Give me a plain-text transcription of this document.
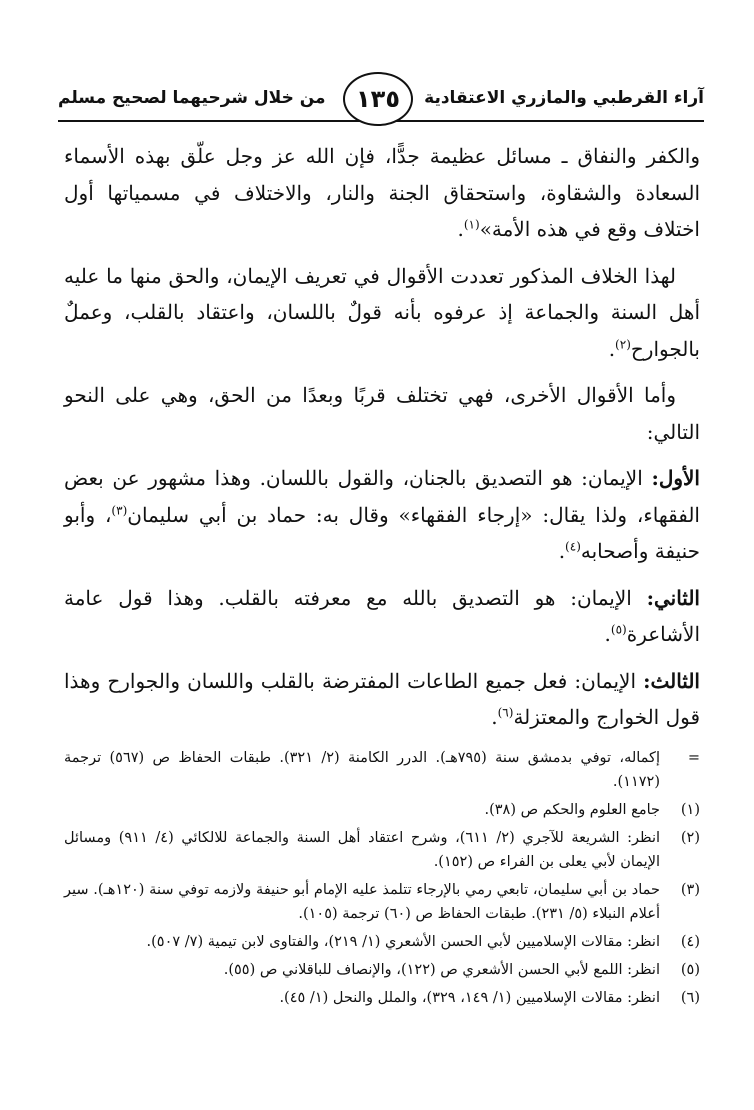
آراء القرطبي والمازري الاعتقادية
١٣٥
من خلال شرحيهما لصحيح مسلم

والكفر والنفاق ـ مسائل عظيمة جدًّا، فإن الله عز وجل علّق بهذه الأسماء السعادة والشقاوة، واستحقاق الجنة والنار، والاختلاف في مسمياتها أول اختلاف وقع في هذه الأمة»$^{(١)}$.

لهذا الخلاف المذكور تعددت الأقوال في تعريف الإيمان، والحق منها ما عليه أهل السنة والجماعة إذ عرفوه بأنه قولٌ باللسان، واعتقاد بالقلب، وعملٌ بالجوارح$^{(٢)}$.

وأما الأقوال الأخرى، فهي تختلف قربًا وبعدًا من الحق، وهي على النحو التالي:

الأول: الإيمان: هو التصديق بالجنان، والقول باللسان. وهذا مشهور عن بعض الفقهاء، ولذا يقال: «إرجاء الفقهاء» وقال به: حماد بن أبي سليمان$^{(٣)}$، وأبو حنيفة وأصحابه$^{(٤)}$.

الثاني: الإيمان: هو التصديق بالله مع معرفته بالقلب. وهذا قول عامة الأشاعرة$^{(٥)}$.

الثالث: الإيمان: فعل جميع الطاعات المفترضة بالقلب واللسان والجوارح وهذا قول الخوارج والمعتزلة$^{(٦)}$.

=
إكماله، توفي بدمشق سنة (٧٩٥هـ). الدرر الكامنة (٢/ ٣٢١). طبقات الحفاظ ص (٥٦٧) ترجمة (١١٧٢).
(١)
جامع العلوم والحكم ص (٣٨).
(٢)
انظر: الشريعة للآجري (٢/ ٦١١)، وشرح اعتقاد أهل السنة والجماعة للالكائي (٤/ ٩١١) ومسائل الإيمان لأبي يعلى بن الفراء ص (١٥٢).
(٣)
حماد بن أبي سليمان، تابعي رمي بالإرجاء تتلمذ عليه الإمام أبو حنيفة ولازمه توفي سنة (١٢٠هـ). سير أعلام النبلاء (٥/ ٢٣١). طبقات الحفاظ ص (٦٠) ترجمة (١٠٥).
(٤)
انظر: مقالات الإسلاميين لأبي الحسن الأشعري (١/ ٢١٩)، والفتاوى لابن تيمية (٧/ ٥٠٧).
(٥)
انظر: اللمع لأبي الحسن الأشعري ص (١٢٢)، والإنصاف للباقلاني ص (٥٥).
(٦)
انظر: مقالات الإسلاميين (١/ ١٤٩، ٣٢٩)، والملل والنحل (١/ ٤٥).
